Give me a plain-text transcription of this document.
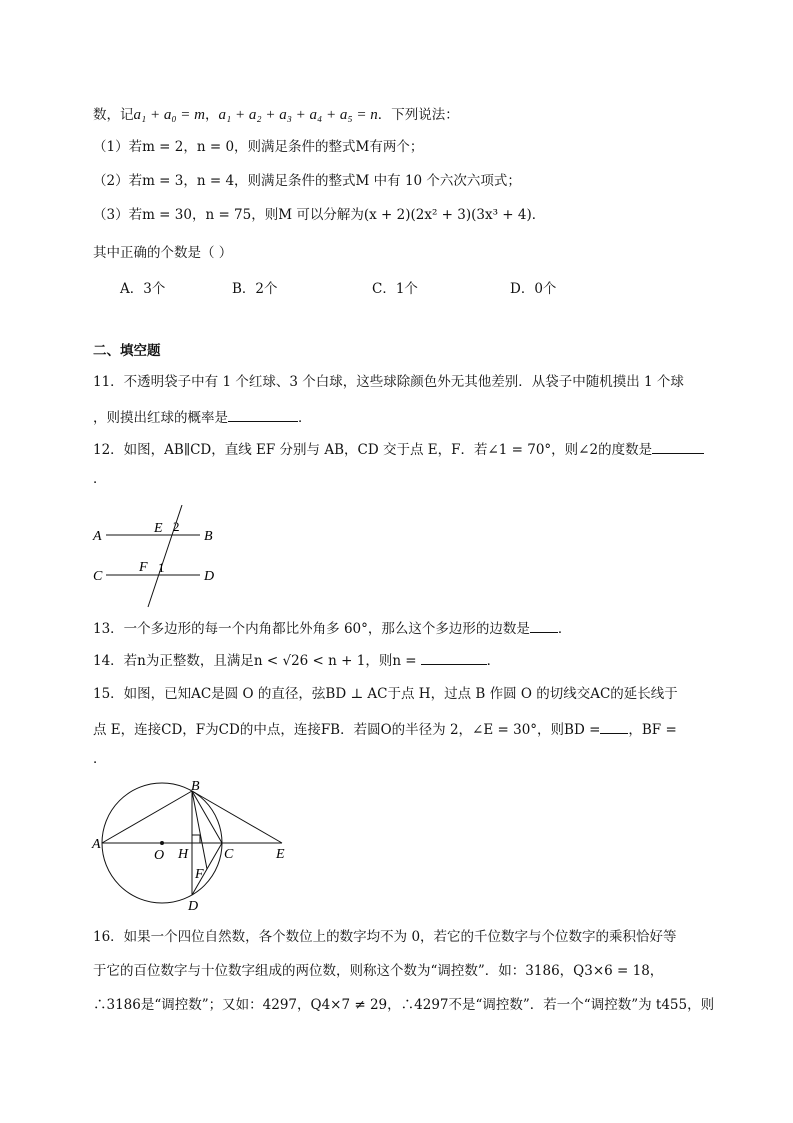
数，记a₁ + a₀ = m，a₁ + a₂ + a₃ + a₄ + a₅ = n．下列说法：
（1）若m = 2，n = 0，则满足条件的整式M有两个；
（2）若m = 3，n = 4，则满足条件的整式M 中有 10 个六次六项式；
（3）若m = 30，n = 75，则M 可以分解为(x + 2)(2x² + 3)(3x³ + 4)．
其中正确的个数是（ ）
A．3个	B．2个	C．1个	D．0个
二、填空题
11．不透明袋子中有 1 个红球、3 个白球，这些球除颜色外无其他差别．从袋子中随机摸出 1 个球
，则摸出红球的概率是	．
12．如图，AB∥CD，直线 EF 分别与 AB，CD 交于点 E，F．若∠1 = 70°，则∠2的度数是
．
A	B
C	D
E
F 1
2
13．一个多边形的每一个内角都比外角多 60°，那么这个多边形的边数是 ．
14．若n为正整数，且满足n < √26 < n + 1，则n =	．
15．如图，已知AC是圆 O 的直径，弦BD ⊥ AC于点 H，过点 B 作圆 O 的切线交AC的延长线于
点 E，连接CD，F为CD的中点，连接FB．若圆O的半径为 2，∠E = 30°，则BD = ，BF =
．
A
B
C
D
E
F
H
O
16．如果一个四位自然数，各个数位上的数字均不为 0，若它的千位数字与个位数字的乘积恰好等
于它的百位数字与十位数字组成的两位数，则称这个数为“调控数”．如：3186，Q3×6 = 18，
∴3186是“调控数”；又如：4297，Q4×7 ≠ 29，∴4297不是“调控数”．若一个“调控数”为 t455，则
